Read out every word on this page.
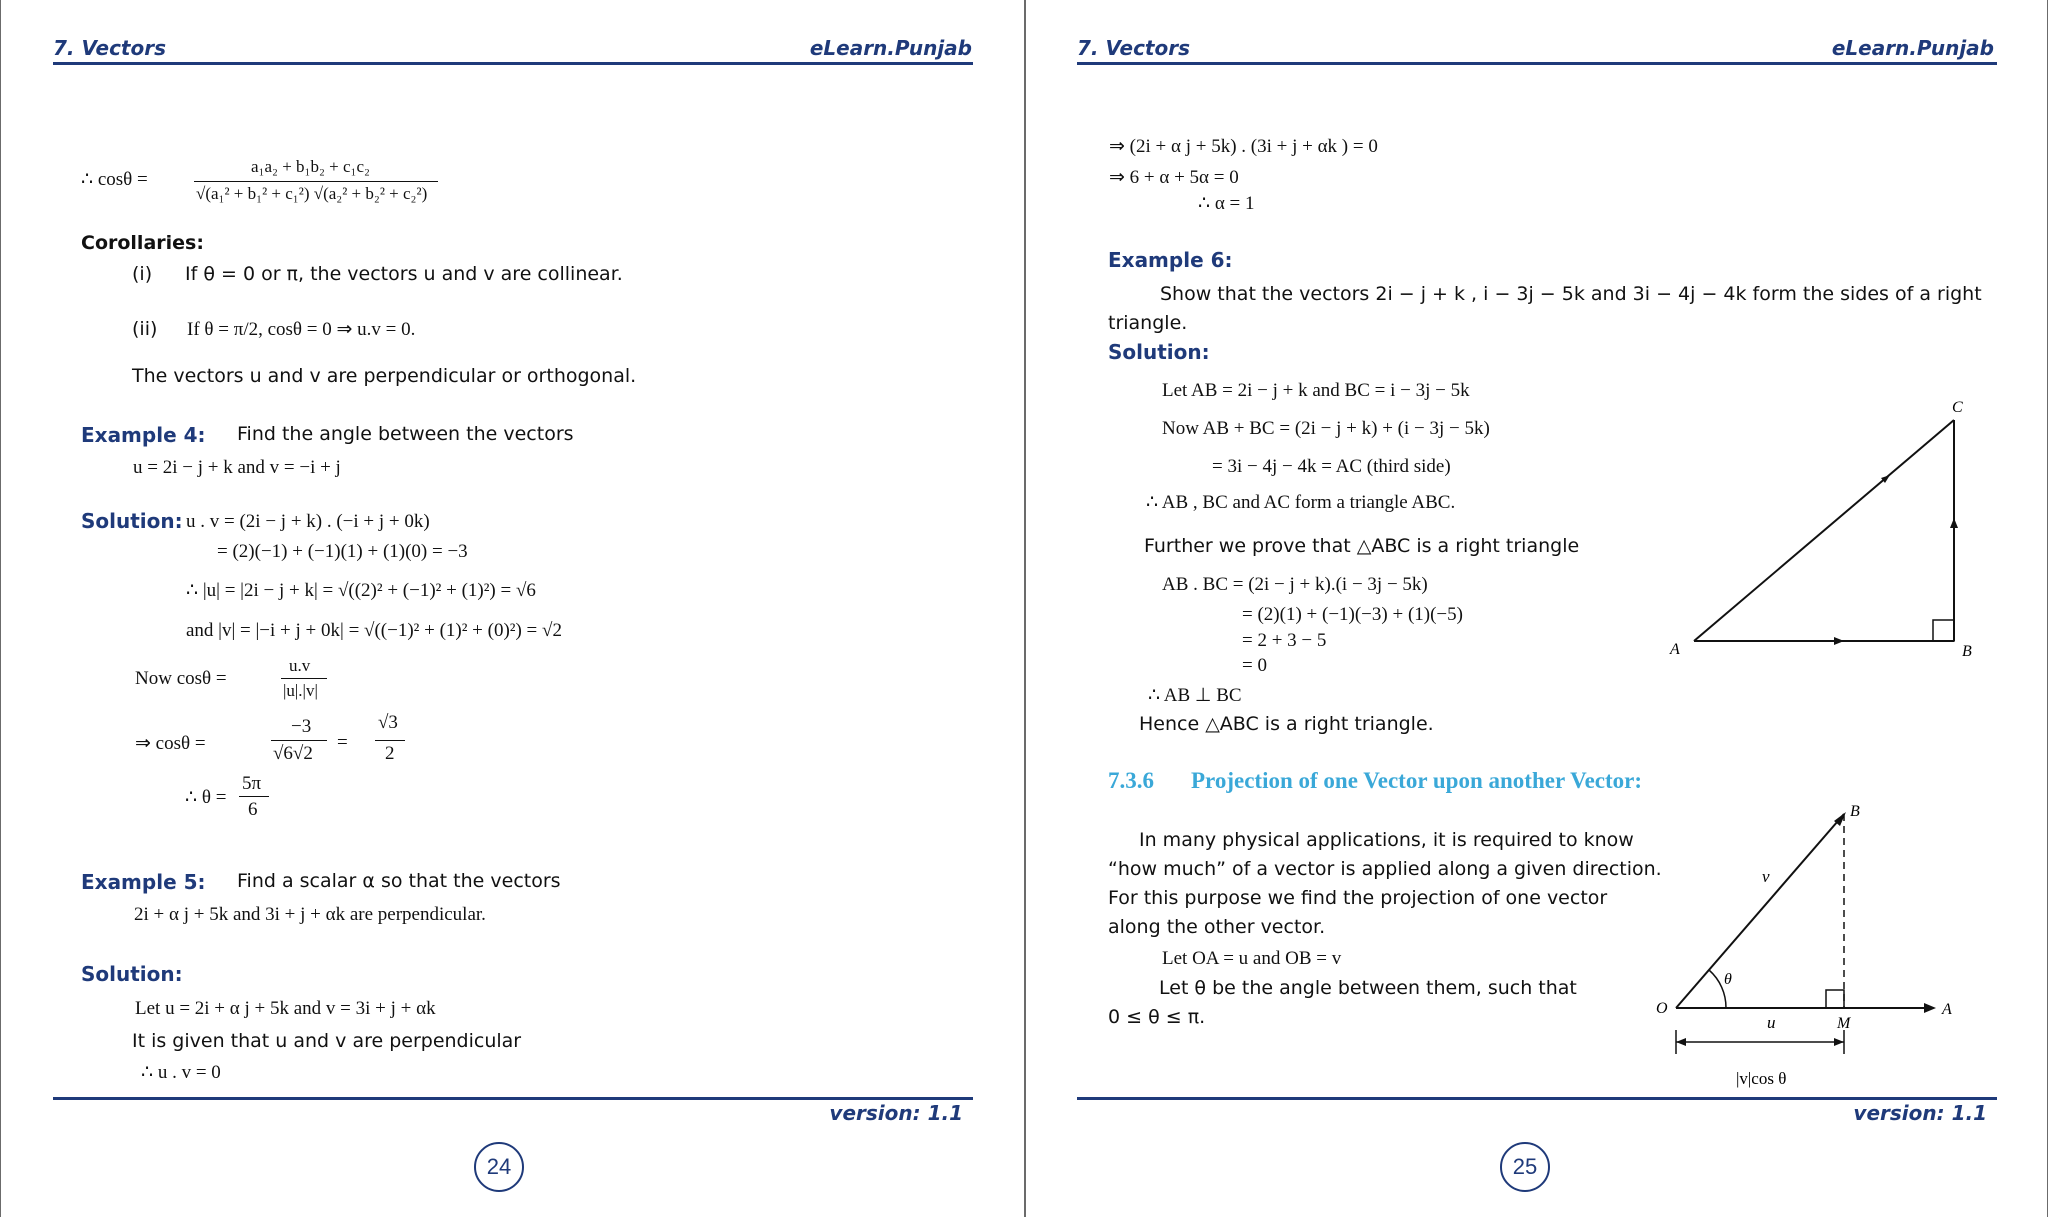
7. Vectors	eLearn.Punjab
∴ cosθ =
a₁a₂ + b₁b₂ + c₁c₂
√(a₁² + b₁² + c₁²) √(a₂² + b₂² + c₂²)
Corollaries:
(i) If θ = 0 or π, the vectors u and v are collinear.
(ii) If θ = π/2, cosθ = 0 ⇒ u.v = 0.
The vectors u and v are perpendicular or orthogonal.
Example 4: Find the angle between the vectors
u = 2i − j + k and v = −i + j
Solution: u . v = (2i − j + k) . (−i + j + 0k)
= (2)(−1) + (−1)(1) + (1)(0) = −3
∴ |u| = |2i − j + k| = √((2)² + (−1)² + (1)²) = √6
and |v| = |−i + j + 0k| = √((−1)² + (1)² + (0)²) = √2
Now cosθ =
u.v
|u|.|v|
⇒ cosθ =
−3
√6√2
=
√3
2
∴ θ =
5π
6
Example 5: Find a scalar α so that the vectors
2i + α j + 5k and 3i + j + αk are perpendicular.
Solution:
Let u = 2i + α j + 5k and v = 3i + j + αk
It is given that u and v are perpendicular
∴ u . v = 0
version: 1.1
24
7. Vectors	eLearn.Punjab
⇒ (2i + α j + 5k) . (3i + j + αk ) = 0
⇒ 6 + α + 5α = 0
∴ α = 1
Example 6:
Show that the vectors 2i − j + k , i − 3j − 5k and 3i − 4j − 4k form the sides of a right
triangle.
Solution:
Let AB = 2i − j + k and BC = i − 3j − 5k
Now AB + BC = (2i − j + k) + (i − 3j − 5k)
= 3i − 4j − 4k = AC (third side)
∴ AB , BC and AC form a triangle ABC.
Further we prove that △ABC is a right triangle
AB . BC = (2i − j + k).(i − 3j − 5k)
= (2)(1) + (−1)(−3) + (1)(−5)
= 2 + 3 − 5
= 0
∴ AB ⊥ BC
Hence △ABC is a right triangle.
A	B
C
7.3.6 Projection of one Vector upon another Vector:
In many physical applications, it is required to know
“how much” of a vector is applied along a given direction.
For this purpose we find the projection of one vector
along the other vector.
Let OA = u and OB = v
Let θ be the angle between them, such that
0 ≤ θ ≤ π.	O	A
B
M
u
v
θ
|v|cos θ
version: 1.1
25
